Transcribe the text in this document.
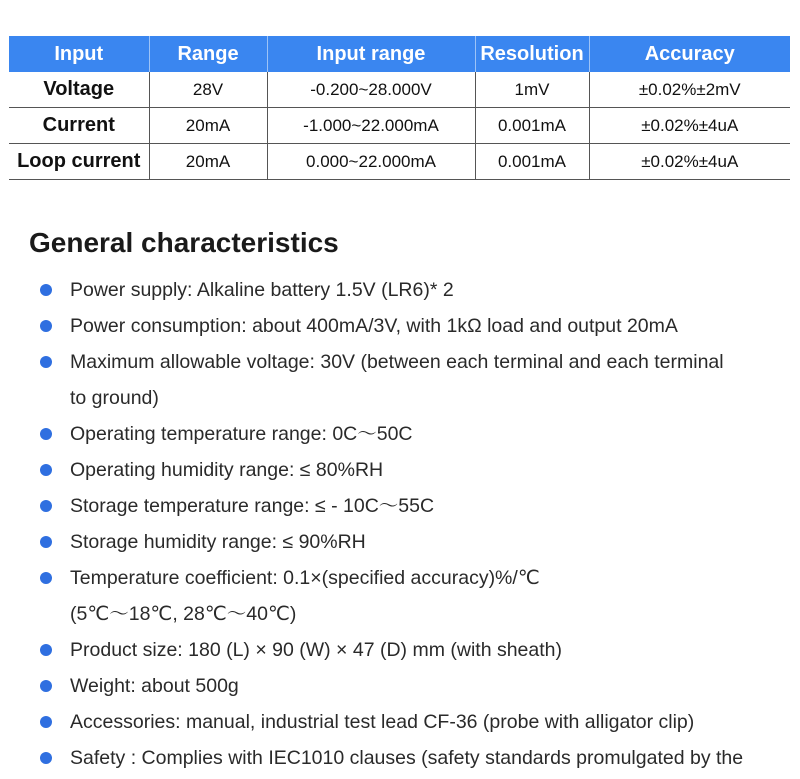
Input	Range	Input range	Resolution	Accuracy
Voltage	28V	-0.200~28.000V	1mV	±0.02%±2mV
Current	20mA	-1.000~22.000mA	0.001mA	±0.02%±4uA
Loop current	20mA	0.000~22.000mA	0.001mA	±0.02%±4uA
General characteristics
Power supply: Alkaline battery 1.5V (LR6)* 2
Power consumption: about 400mA/3V, with 1kΩ load and output 20mA
Maximum allowable voltage: 30V (between each terminal and each terminal
to ground)
Operating temperature range: 0C～50C
Operating humidity range: ≤ 80%RH
Storage temperature range: ≤ - 10C～55C
Storage humidity range: ≤ 90%RH
Temperature coefficient: 0.1×(specified accuracy)%/℃
(5℃～18℃, 28℃～40℃)
Product size: 180 (L) × 90 (W) × 47 (D) mm (with sheath)
Weight: about 500g
Accessories: manual, industrial test lead CF-36 (probe with alligator clip)
Safety : Complies with IEC1010 clauses (safety standards promulgated by the
